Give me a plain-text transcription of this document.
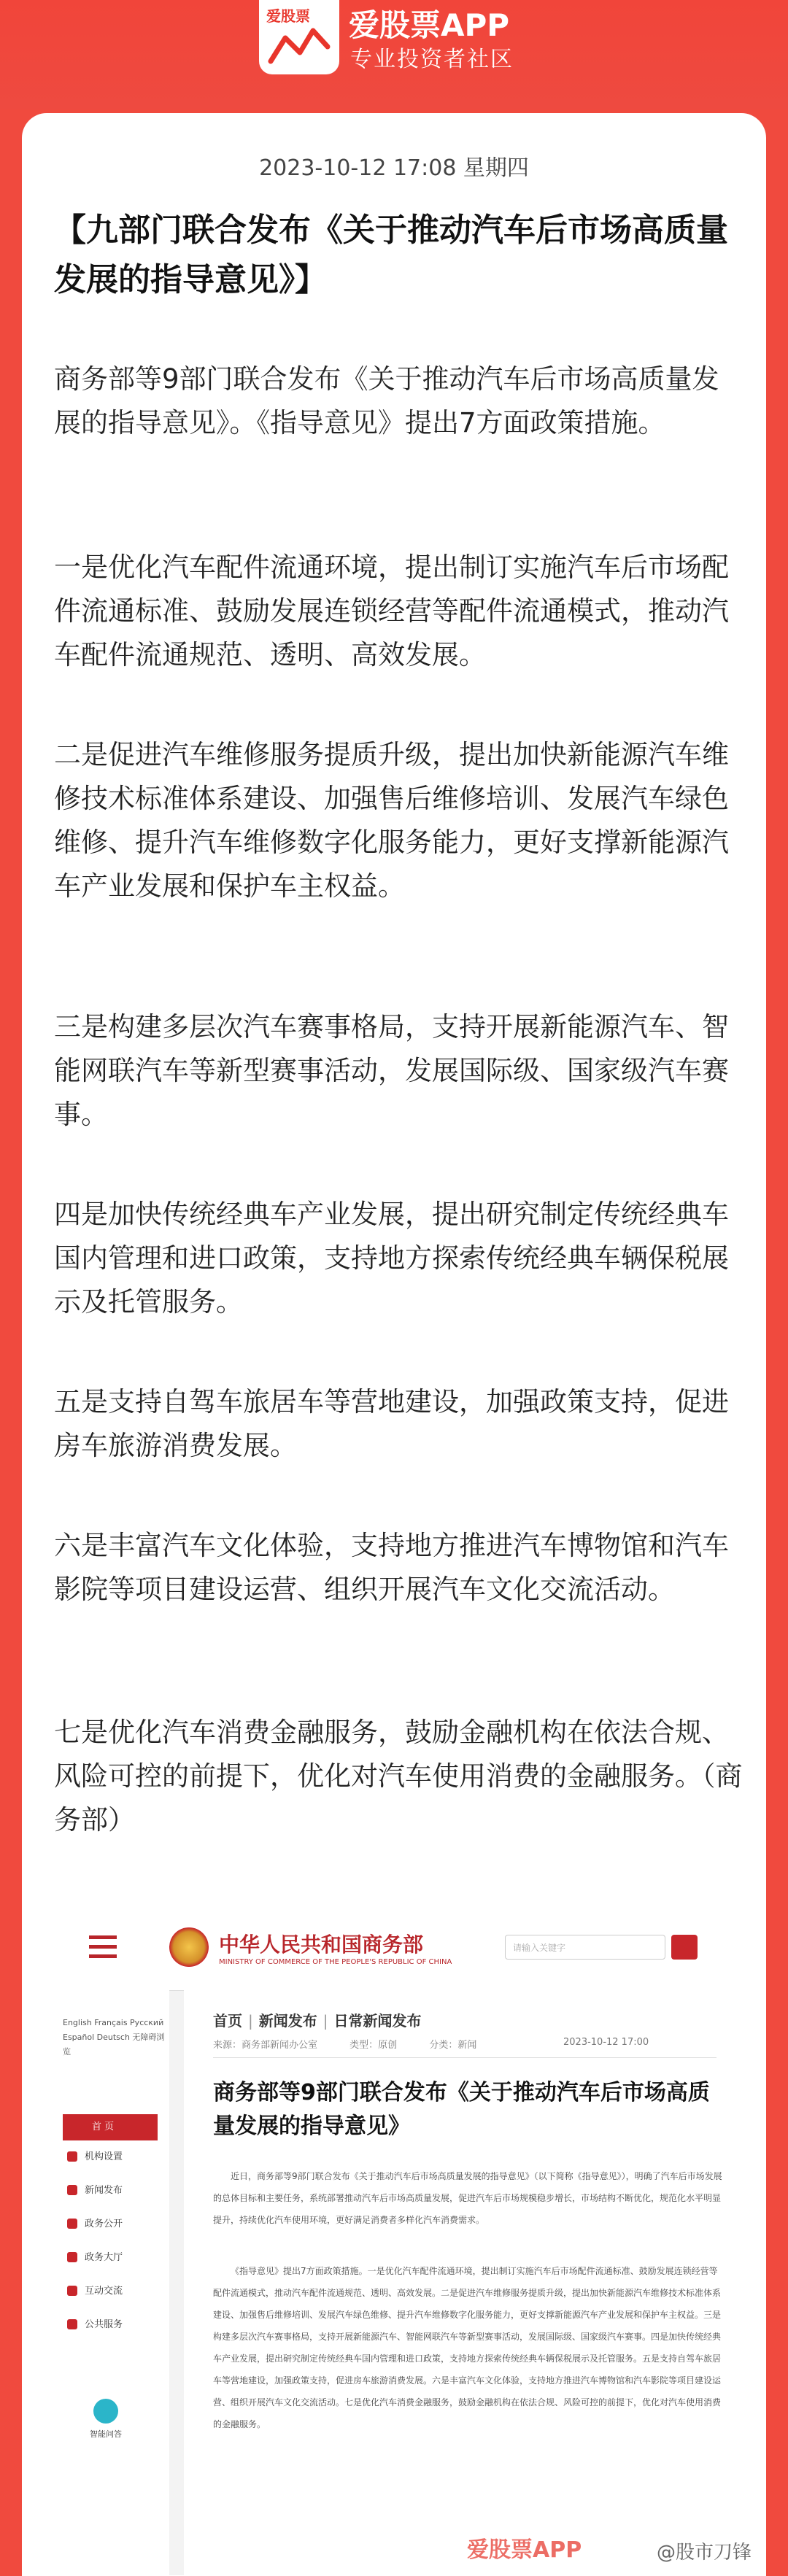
爱股票 爱股票APP
专业投资者社区
2023-10-12 17:08 星期四
【九部门联合发布《关于推动汽车后市场高质量发展的指导意见》】

商务部等9部门联合发布《关于推动汽车后市场高质量发展的指导意见》。《指导意见》提出7方面政策措施。

一是优化汽车配件流通环境，提出制订实施汽车后市场配件流通标准、鼓励发展连锁经营等配件流通模式，推动汽车配件流通规范、透明、高效发展。

二是促进汽车维修服务提质升级，提出加快新能源汽车维修技术标准体系建设、加强售后维修培训、发展汽车绿色维修、提升汽车维修数字化服务能力，更好支撑新能源汽车产业发展和保护车主权益。

三是构建多层次汽车赛事格局，支持开展新能源汽车、智能网联汽车等新型赛事活动，发展国际级、国家级汽车赛事。

四是加快传统经典车产业发展，提出研究制定传统经典车国内管理和进口政策，支持地方探索传统经典车辆保税展示及托管服务。

五是支持自驾车旅居车等营地建设，加强政策支持，促进房车旅游消费发展。

六是丰富汽车文化体验，支持地方推进汽车博物馆和汽车影院等项目建设运营、组织开展汽车文化交流活动。

七是优化汽车消费金融服务，鼓励金融机构在依法合规、风险可控的前提下，优化对汽车使用消费的金融服务。（商务部）

中华人民共和国商务部
MINISTRY OF COMMERCE OF THE PEOPLE'S REPUBLIC OF CHINA
请输入关键字
English Français Русский Español Deutsch 无障碍浏览
首 页
机构设置
新闻发布
政务公开
政务大厅
互动交流
公共服务
智能问答
首页 | 新闻发布 | 日常新闻发布
来源：商务部新闻办公室	类型：原创	分类：新闻	2023-10-12 17:00
商务部等9部门联合发布《关于推动汽车后市场高质量发展的指导意见》

近日，商务部等9部门联合发布《关于推动汽车后市场高质量发展的指导意见》（以下简称《指导意见》），明确了汽车后市场发展的总体目标和主要任务，系统部署推动汽车后市场高质量发展，促进汽车后市场规模稳步增长，市场结构不断优化，规范化水平明显提升，持续优化汽车使用环境，更好满足消费者多样化汽车消费需求。

《指导意见》提出7方面政策措施。一是优化汽车配件流通环境，提出制订实施汽车后市场配件流通标准、鼓励发展连锁经营等配件流通模式，推动汽车配件流通规范、透明、高效发展。二是促进汽车维修服务提质升级，提出加快新能源汽车维修技术标准体系建设、加强售后维修培训、发展汽车绿色维修、提升汽车维修数字化服务能力，更好支撑新能源汽车产业发展和保护车主权益。三是构建多层次汽车赛事格局，支持开展新能源汽车、智能网联汽车等新型赛事活动，发展国际级、国家级汽车赛事。四是加快传统经典车产业发展，提出研究制定传统经典车国内管理和进口政策，支持地方探索传统经典车辆保税展示及托管服务。五是支持自驾车旅居车等营地建设，加强政策支持，促进房车旅游消费发展。六是丰富汽车文化体验，支持地方推进汽车博物馆和汽车影院等项目建设运营、组织开展汽车文化交流活动。七是优化汽车消费金融服务，鼓励金融机构在依法合规、风险可控的前提下，优化对汽车使用消费的金融服务。

爱股票APP	@股市刀锋
